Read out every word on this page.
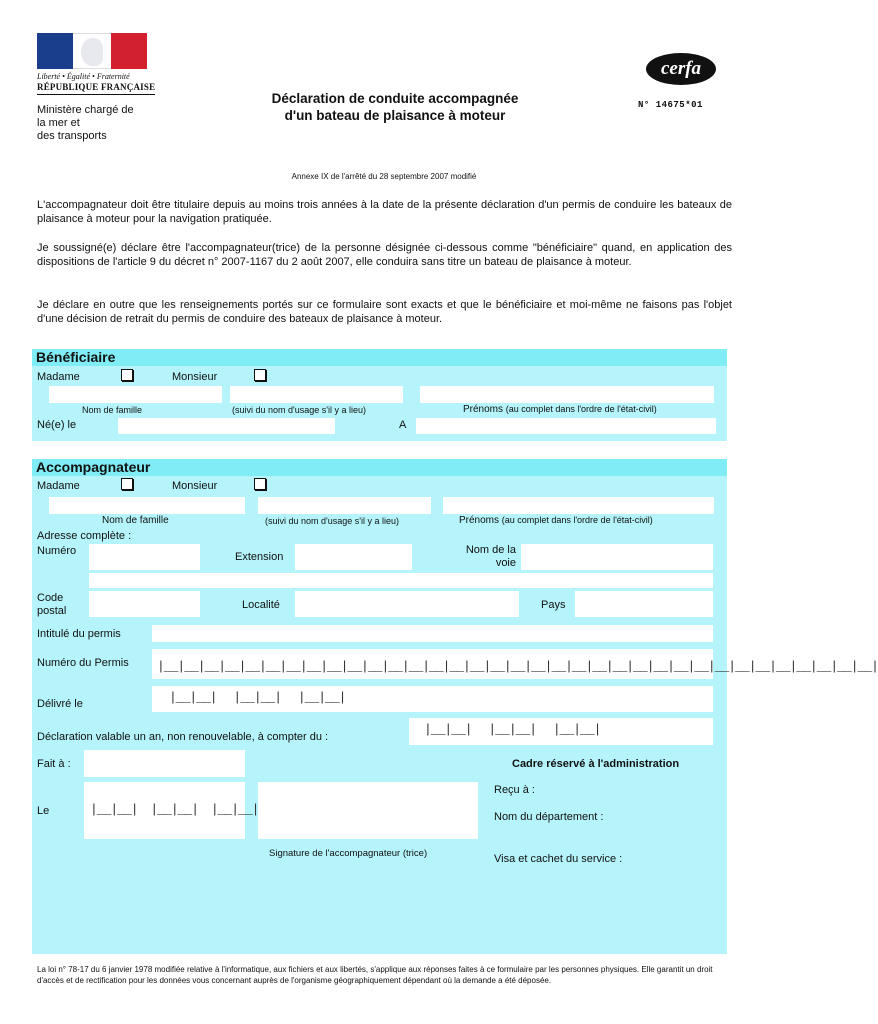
Liberté • Égalité • Fraternité
RÉPUBLIQUE FRANÇAISE
Ministère chargé de
la mer et
des transports
Déclaration de conduite accompagnée
d'un bateau de plaisance à moteur
cerfa
N° 14675*01
Annexe IX de l'arrêté du 28 septembre 2007 modifié
L'accompagnateur doit être titulaire depuis au moins trois années à la date de la présente déclaration d'un permis de conduire les bateaux de plaisance à moteur pour la navigation pratiquée.
Je soussigné(e) déclare être l'accompagnateur(trice) de la personne désignée ci-dessous comme "bénéficiaire" quand, en application des dispositions de l'article 9 du décret n° 2007-1167 du 2 août 2007, elle conduira sans titre un bateau de plaisance à moteur.
Je déclare en outre que les renseignements portés sur ce formulaire sont exacts et que le bénéficiaire et moi-même ne faisons pas l'objet d'une décision de retrait du permis de conduire des bateaux de plaisance à moteur.
Bénéficiaire
Madame	Monsieur
Nom de famille	(suivi du nom d'usage s'il y a lieu)	Prénoms (au complet dans l'ordre de l'état-civil)
Né(e) le	A
Accompagnateur
Madame	Monsieur
Nom de famille	(suivi du nom d'usage s'il y a lieu)	Prénoms (au complet dans l'ordre de l'état-civil)
Adresse complète :
Numéro	Extension
Nom de la
voie
Code
postal	Localité	Pays
Intitulé du permis
Numéro du Permis	|__|__|__|__|__|__|__|__|__|__|__|__|__|__|__|__|__|__|__|__|__|__|__|__|__|__|__|__|__|__|__|__|__|__|__|
Délivré le	|__|__| |__|__| |__|__|
Déclaration valable un an, non renouvelable, à compter du :	|__|__| |__|__| |__|__|
Fait à :
Le	|__|__| |__|__| |__|__|
Signature de l'accompagnateur (trice)
Cadre réservé à l'administration
Reçu à :
Nom du département :
Visa et cachet du service :
La loi n° 78-17 du 6 janvier 1978 modifiée relative à l'informatique, aux fichiers et aux libertés, s'applique aux réponses faites à ce formulaire par les personnes physiques. Elle garantit un droit d'accès et de rectification pour les données vous concernant auprès de l'organisme géographiquement dépendant où la demande a été déposée.
